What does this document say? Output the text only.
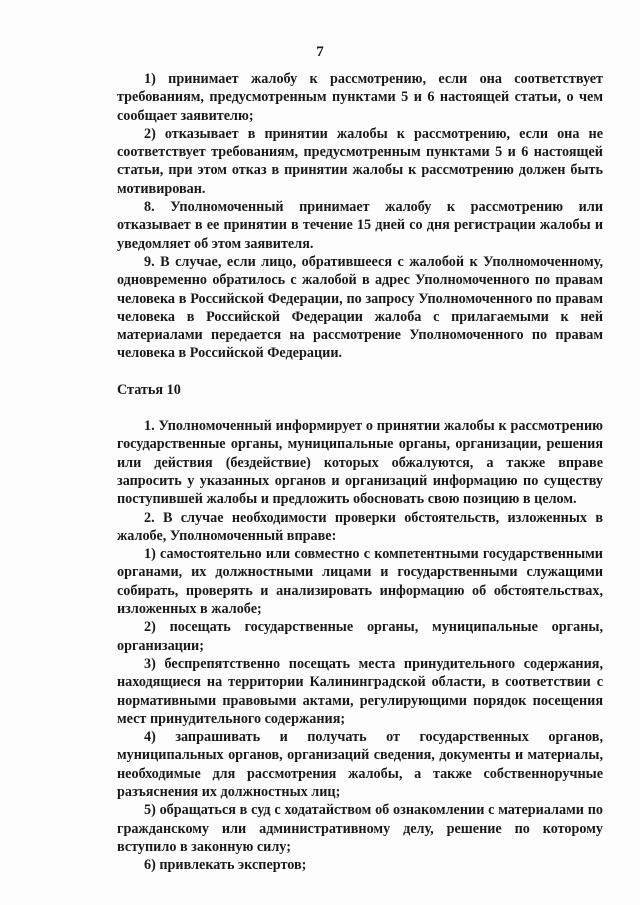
7

1) принимает жалобу к рассмотрению, если она соответствует требованиям, предусмотренным пунктами 5 и 6 настоящей статьи, о чем сообщает заявителю;

2) отказывает в принятии жалобы к рассмотрению, если она не соответствует требованиям, предусмотренным пунктами 5 и 6 настоящей статьи, при этом отказ в принятии жалобы к рассмотрению должен быть мотивирован.

8. Уполномоченный принимает жалобу к рассмотрению или отказывает в ее принятии в течение 15 дней со дня регистрации жалобы и уведомляет об этом заявителя.

9. В случае, если лицо, обратившееся с жалобой к Уполномоченному, одновременно обратилось с жалобой в адрес Уполномоченного по правам человека в Российской Федерации, по запросу Уполномоченного по правам человека в Российской Федерации жалоба с прилагаемыми к ней материалами передается на рассмотрение Уполномоченного по правам человека в Российской Федерации.

Статья 10

1. Уполномоченный информирует о принятии жалобы к рассмотрению государственные органы, муниципальные органы, организации, решения или действия (бездействие) которых обжалуются, а также вправе запросить у указанных органов и организаций информацию по существу поступившей жалобы и предложить обосновать свою позицию в целом.

2. В случае необходимости проверки обстоятельств, изложенных в жалобе, Уполномоченный вправе:

1) самостоятельно или совместно с компетентными государственными органами, их должностными лицами и государственными служащими собирать, проверять и анализировать информацию об обстоятельствах, изложенных в жалобе;

2) посещать государственные органы, муниципальные органы, организации;

3) беспрепятственно посещать места принудительного содержания, находящиеся на территории Калининградской области, в соответствии с нормативными правовыми актами, регулирующими порядок посещения мест принудительного содержания;

4) запрашивать и получать от государственных органов, муниципальных органов, организаций сведения, документы и материалы, необходимые для рассмотрения жалобы, а также собственноручные разъяснения их должностных лиц;

5) обращаться в суд с ходатайством об ознакомлении с материалами по гражданскому или административному делу, решение по которому вступило в законную силу;

6) привлекать экспертов;
